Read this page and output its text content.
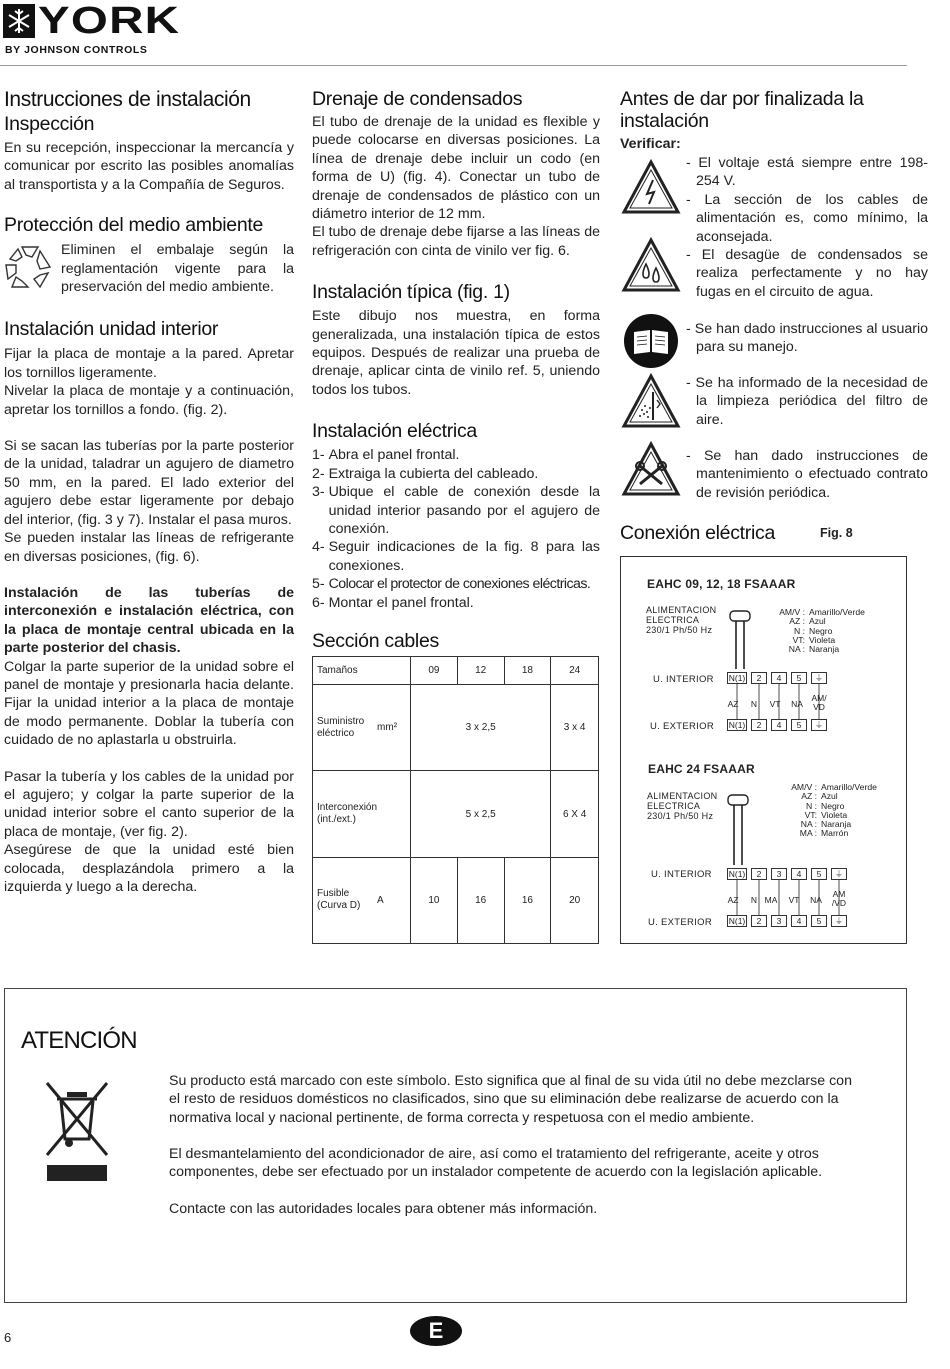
YORK
BY JOHNSON CONTROLS
Instrucciones de instalación
Inspección

En su recepción, inspeccionar la mercancía y comunicar por escrito las posibles anomalías al transportista y a la Compañía de Seguros.

Protección del medio ambiente

Eliminen el embalaje según la reglamentación vigente para la preservación del medio ambiente.

Instalación unidad interior

Fijar la placa de montaje a la pared. Apretar los tornillos ligeramente.

Nivelar la placa de montaje y a continuación, apretar los tornillos a fondo. (fig. 2).

Si se sacan las tuberías por la parte posterior de la unidad, taladrar un agujero de diametro 50 mm, en la pared. El lado exterior del agujero debe estar ligeramente por debajo del interior, (fig. 3 y 7). Instalar el pasa muros.

Se pueden instalar las líneas de refrigerante en diversas posiciones, (fig. 6).

Instalación de las tuberías de interconexión e instalación eléctrica, con la placa de montaje central ubicada en la parte posterior del chasis.

Colgar la parte superior de la unidad sobre el panel de montaje y presionarla hacia delante. Fijar la unidad interior a la placa de montaje de modo permanente. Doblar la tubería con cuidado de no aplastarla u obstruirla.

Pasar la tubería y los cables de la unidad por el agujero; y colgar la parte superior de la unidad interior sobre el canto superior de la placa de montaje, (ver fig. 2).

Asegúrese de que la unidad esté bien colocada, desplazándola primero a la izquierda y luego a la derecha.

Drenaje de condensados

El tubo de drenaje de la unidad es flexible y puede colocarse en diversas posiciones. La línea de drenaje debe incluir un codo (en forma de U) (fig. 4). Conectar un tubo de drenaje de condensados de plástico con un diámetro interior de 12 mm.

El tubo de drenaje debe fijarse a las líneas de refrigeración con cinta de vinilo ver fig. 6.

Instalación típica (fig. 1)

Este dibujo nos muestra, en forma generalizada, una instalación típica de estos equipos. Después de realizar una prueba de drenaje, aplicar cinta de vinilo ref. 5, uniendo todos los tubos.

Instalación eléctrica
1- Abra el panel frontal.
2- Extraiga la cubierta del cableado.
3- Ubique el cable de conexión desde la unidad interior pasando por el agujero de conexión.
4- Seguir indicaciones de la fig. 8 para las conexiones.
5- Colocar el protector de conexiones eléctricas.
6- Montar el panel frontal.
Sección cables
Tamaños		09	12	18	24
Suministro eléctrico	mm²	3 x 2,5			3 x 4
Interconexión (int./ext.)		5 x 2,5			6 X 4
Fusible (Curva D)	A	10	16	16	20
Antes de dar por finalizada la instalación
Verificar:
- El voltaje está siempre entre 198-254 V.
- La sección de los cables de alimentación es, como mínimo, la aconsejada.
- El desagüe de condensados se realiza perfectamente y no hay fugas en el circuito de agua.
- Se han dado instrucciones al usuario para su manejo.
- Se ha informado de la necesidad de la limpieza periódica del filtro de aire.
- Se han dado instrucciones de mantenimiento o efectuado contrato de revisión periódica.
Conexión eléctrica	Fig. 8
EAHC 09, 12, 18 FSAAAR
ALIMENTACION
ELECTRICA
230/1 Ph/50 Hz
AM/V : Amarillo/Verde
AZ : Azul
N : Negro
VT: Violeta
NA : Naranja
U. INTERIOR N(1)	2	4	5	⏚
AZ	N	VT	NA
AM/
VD
U. EXTERIOR N(1)	2	4	5	⏚
EAHC 24 FSAAAR
ALIMENTACION
ELECTRICA
230/1 Ph/50 Hz
AM/V : Amarillo/Verde
AZ : Azul
N : Negro
VT: Violeta
NA : Naranja
MA : Marrón
U. INTERIOR N(1)	2	3	4	5	⏚
AZ	N MA	VT	NA
AM
/VD
U. EXTERIOR N(1)	2	3	4	5	⏚
ATENCIÓN

Su producto está marcado con este símbolo. Esto significa que al final de su vida útil no debe mezclarse con el resto de residuos domésticos no clasificados, sino que su eliminación debe realizarse de acuerdo con la normativa local y nacional pertinente, de forma correcta y respetuosa con el medio ambiente.

El desmantelamiento del acondicionador de aire, así como el tratamiento del refrigerante, aceite y otros componentes, debe ser efectuado por un instalador competente de acuerdo con la legislación aplicable.

Contacte con las autoridades locales para obtener más información.

6	E
